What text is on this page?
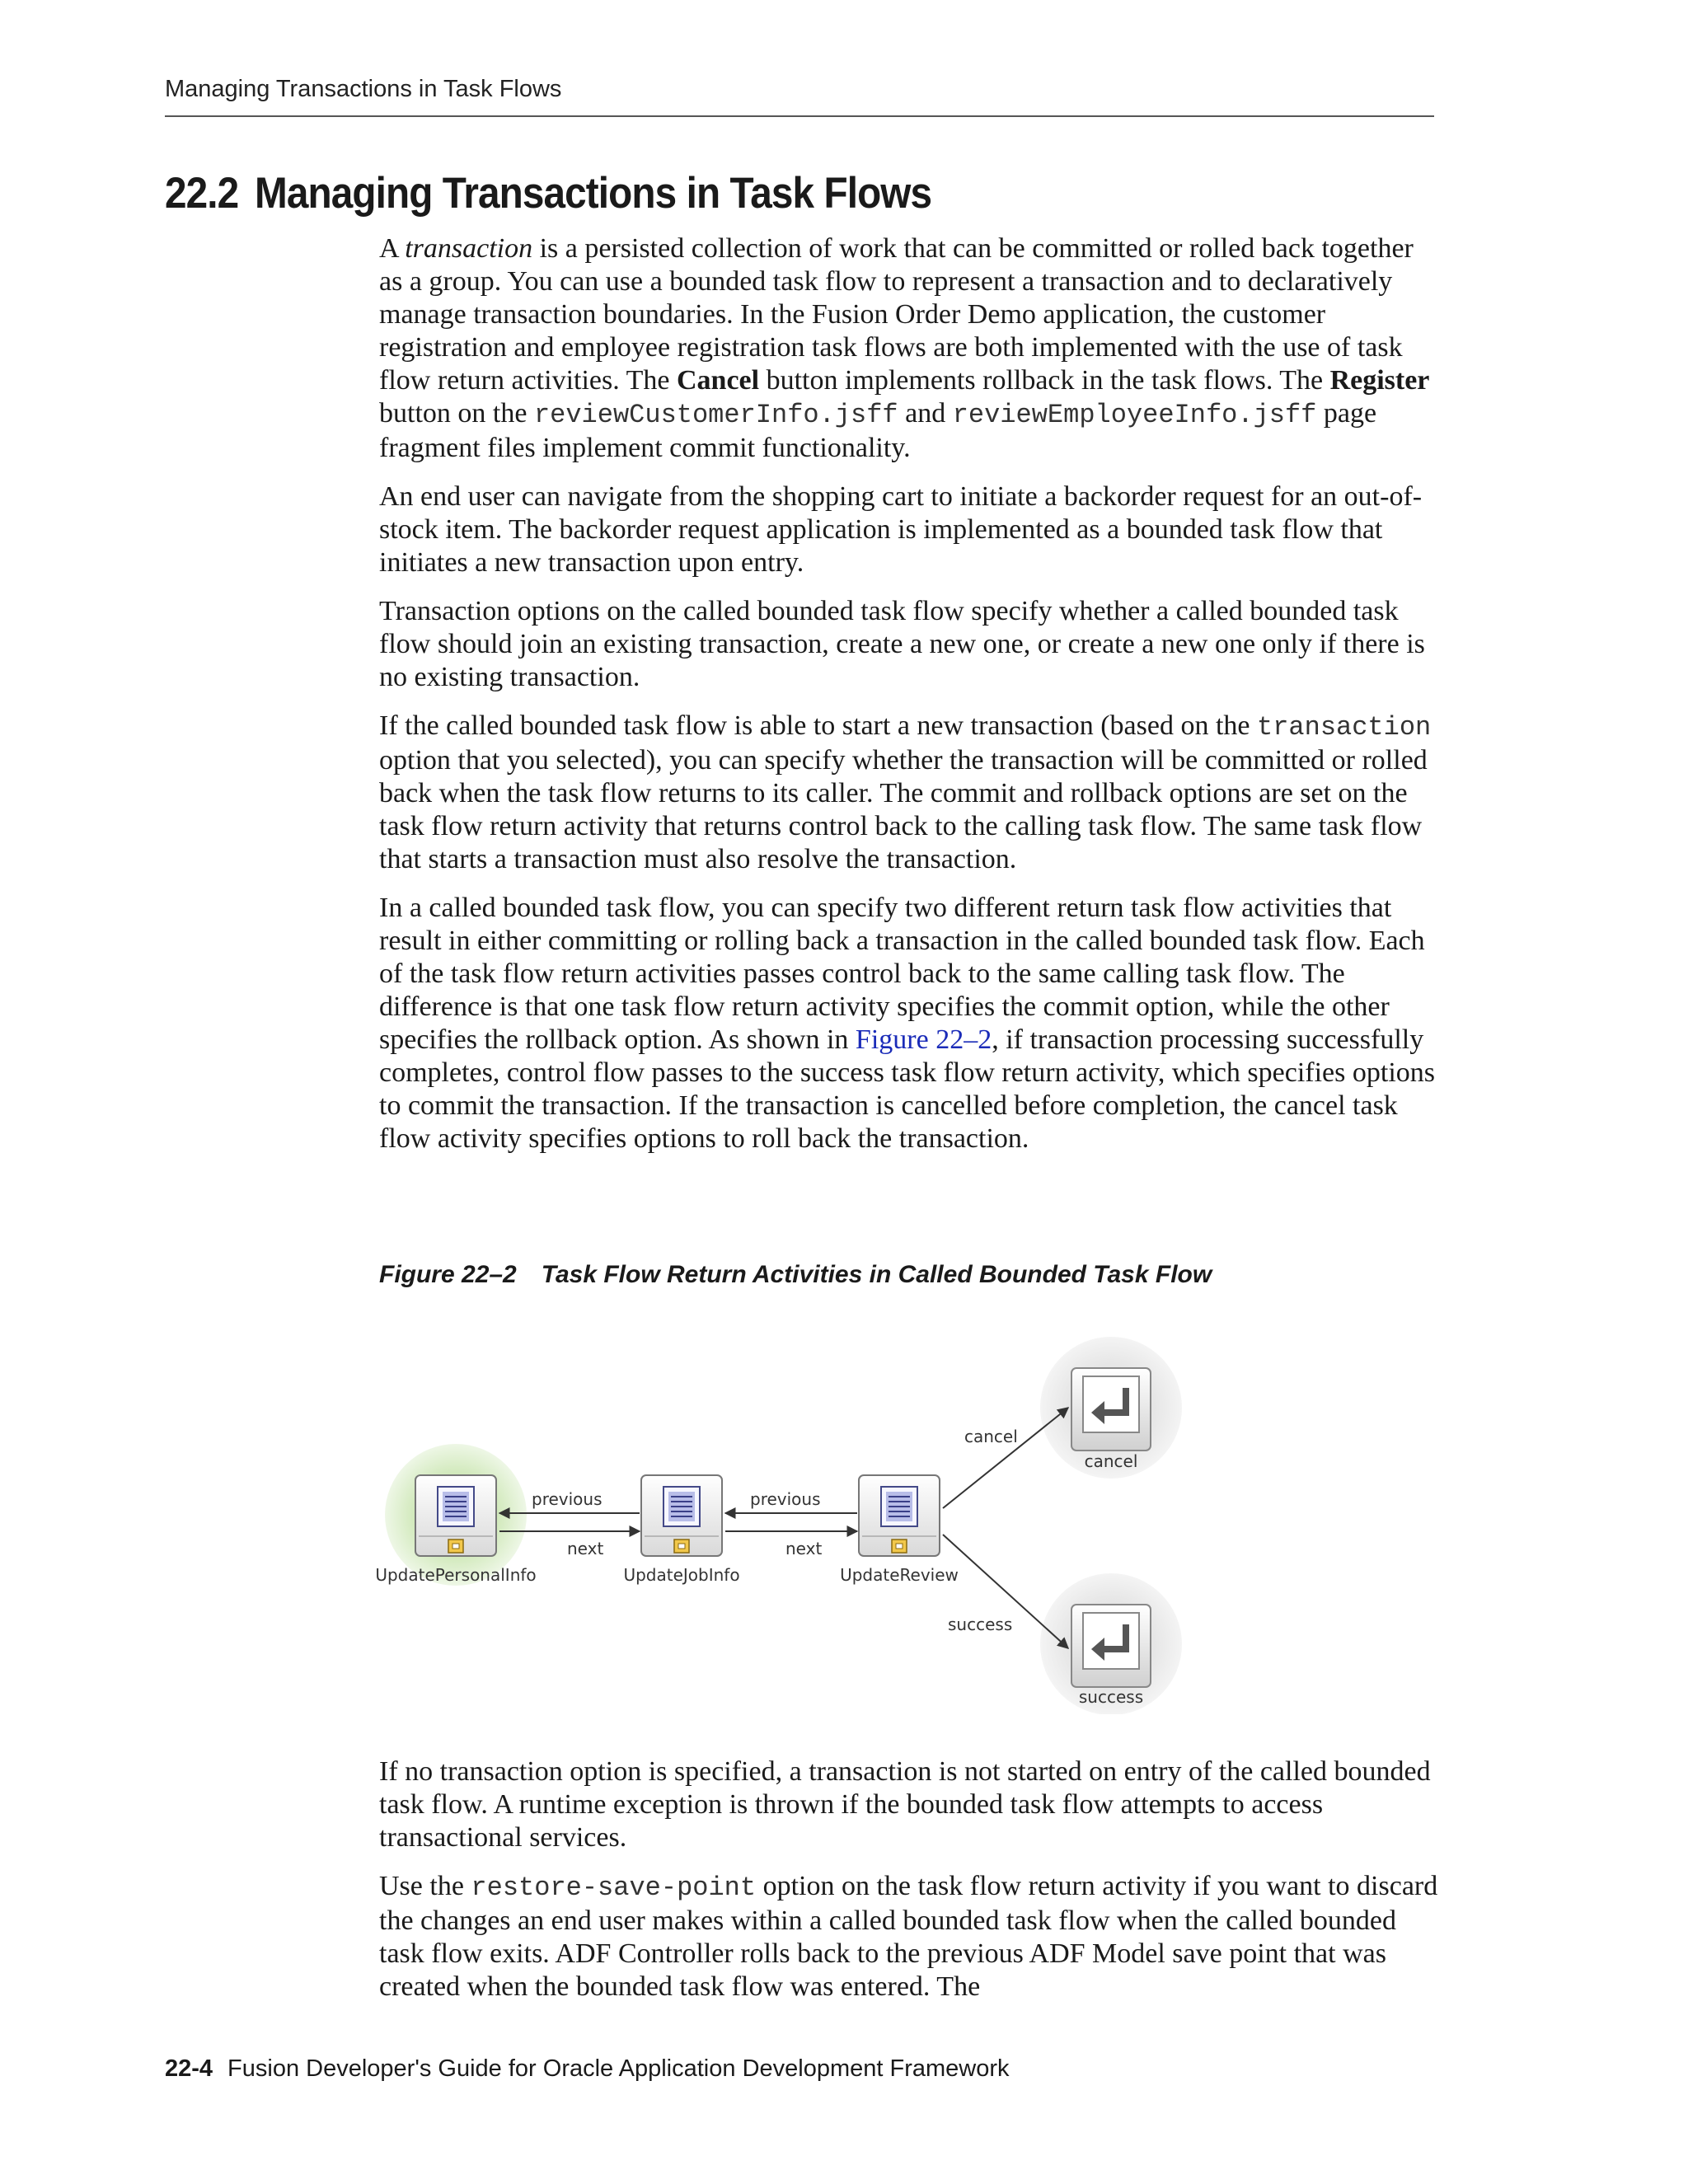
Managing Transactions in Task Flows
22.2 Managing Transactions in Task Flows

A transaction is a persisted collection of work that can be committed or rolled back together as a group. You can use a bounded task flow to represent a transaction and to declaratively manage transaction boundaries. In the Fusion Order Demo application, the customer registration and employee registration task flows are both implemented with the use of task flow return activities. The Cancel button implements rollback in the task flows. The Register button on the reviewCustomerInfo.jsff and reviewEmployeeInfo.jsff page fragment files implement commit functionality.

An end user can navigate from the shopping cart to initiate a backorder request for an out-of-stock item. The backorder request application is implemented as a bounded task flow that initiates a new transaction upon entry.

Transaction options on the called bounded task flow specify whether a called bounded task flow should join an existing transaction, create a new one, or create a new one only if there is no existing transaction.

If the called bounded task flow is able to start a new transaction (based on the transaction option that you selected), you can specify whether the transaction will be committed or rolled back when the task flow returns to its caller. The commit and rollback options are set on the task flow return activity that returns control back to the calling task flow. The same task flow that starts a transaction must also resolve the transaction.

In a called bounded task flow, you can specify two different return task flow activities that result in either committing or rolling back a transaction in the called bounded task flow. Each of the task flow return activities passes control back to the same calling task flow. The difference is that one task flow return activity specifies the commit option, while the other specifies the rollback option. As shown in Figure 22–2, if transaction processing successfully completes, control flow passes to the success task flow return activity, which specifies options to commit the transaction. If the transaction is cancelled before completion, the cancel task flow activity specifies options to roll back the transaction.

Figure 22–2 Task Flow Return Activities in Called Bounded Task Flow
previous
next
previous
next
cancel
success
UpdatePersonalInfo	UpdateJobInfo	UpdateReview
cancel
success

If no transaction option is specified, a transaction is not started on entry of the called bounded task flow. A runtime exception is thrown if the bounded task flow attempts to access transactional services.

Use the restore-save-point option on the task flow return activity if you want to discard the changes an end user makes within a called bounded task flow when the called bounded task flow exits. ADF Controller rolls back to the previous ADF Model save point that was created when the bounded task flow was entered. The

22-4 Fusion Developer's Guide for Oracle Application Development Framework
